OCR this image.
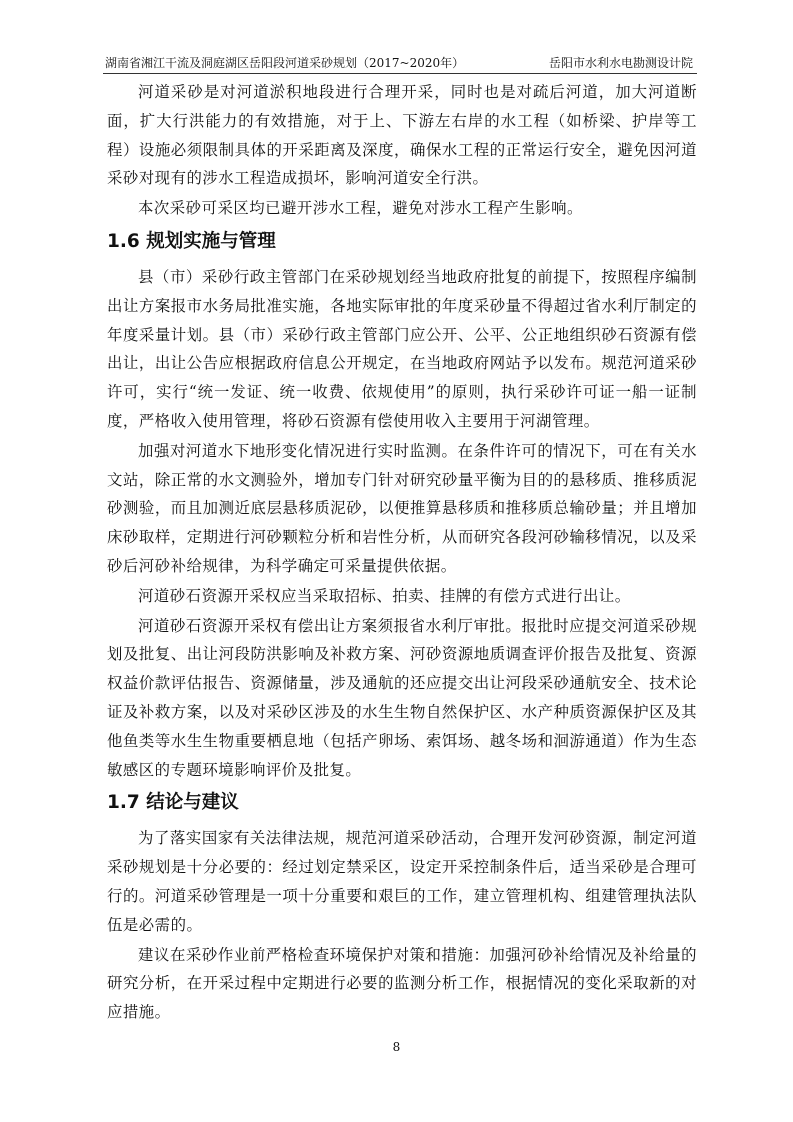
湖南省湘江干流及洞庭湖区岳阳段河道采砂规划（2017~2020年）	岳阳市水利水电勘测设计院

河道采砂是对河道淤积地段进行合理开采，同时也是对疏后河道，加大河道断面，扩大行洪能力的有效措施，对于上、下游左右岸的水工程（如桥梁、护岸等工程）设施必须限制具体的开采距离及深度，确保水工程的正常运行安全，避免因河道采砂对现有的涉水工程造成损坏，影响河道安全行洪。

本次采砂可采区均已避开涉水工程，避免对涉水工程产生影响。

1.6 规划实施与管理

县（市）采砂行政主管部门在采砂规划经当地政府批复的前提下，按照程序编制出让方案报市水务局批准实施，各地实际审批的年度采砂量不得超过省水利厅制定的年度采量计划。县（市）采砂行政主管部门应公开、公平、公正地组织砂石资源有偿出让，出让公告应根据政府信息公开规定，在当地政府网站予以发布。规范河道采砂许可，实行“统一发证、统一收费、依规使用”的原则，执行采砂许可证一船一证制度，严格收入使用管理，将砂石资源有偿使用收入主要用于河湖管理。

加强对河道水下地形变化情况进行实时监测。在条件许可的情况下，可在有关水文站，除正常的水文测验外，增加专门针对研究砂量平衡为目的的悬移质、推移质泥砂测验，而且加测近底层悬移质泥砂，以便推算悬移质和推移质总输砂量；并且增加床砂取样，定期进行河砂颗粒分析和岩性分析，从而研究各段河砂输移情况，以及采砂后河砂补给规律，为科学确定可采量提供依据。

河道砂石资源开采权应当采取招标、拍卖、挂牌的有偿方式进行出让。

河道砂石资源开采权有偿出让方案须报省水利厅审批。报批时应提交河道采砂规划及批复、出让河段防洪影响及补救方案、河砂资源地质调查评价报告及批复、资源权益价款评估报告、资源储量，涉及通航的还应提交出让河段采砂通航安全、技术论证及补救方案，以及对采砂区涉及的水生生物自然保护区、水产种质资源保护区及其他鱼类等水生生物重要栖息地（包括产卵场、索饵场、越冬场和洄游通道）作为生态敏感区的专题环境影响评价及批复。

1.7 结论与建议

为了落实国家有关法律法规，规范河道采砂活动，合理开发河砂资源，制定河道采砂规划是十分必要的：经过划定禁采区，设定开采控制条件后，适当采砂是合理可行的。河道采砂管理是一项十分重要和艰巨的工作，建立管理机构、组建管理执法队伍是必需的。

建议在采砂作业前严格检查环境保护对策和措施：加强河砂补给情况及补给量的研究分析，在开采过程中定期进行必要的监测分析工作，根据情况的变化采取新的对应措施。

8
